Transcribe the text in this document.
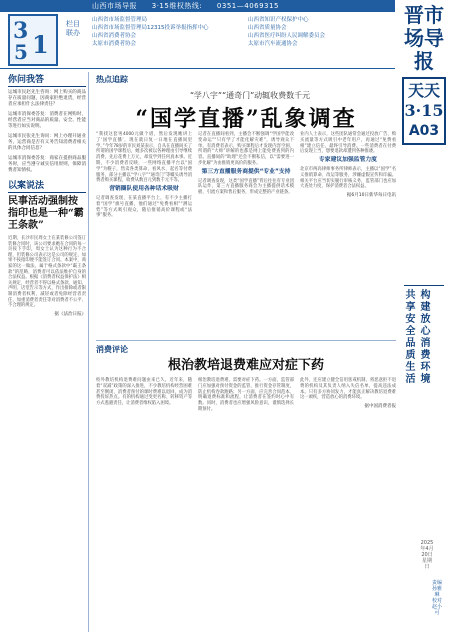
山西市场导报 3·15维权热线: 0351—4069315
3 1
5
栏目联办
山西省市场监督管理局
山西省市场监督管理局12315投诉举报指挥中心
山西省消费者协会
太原市消费者协会
山西省知识产权保护中心
山西省质量协会
山西省医疗纠纷人民调解委员会
太原市汽车流通协会
晋市场导报
天天3·15
A03
共享安全品质生活
构建放心消费环境
2025年4月20日
星期日
责编
孙雅琳
校对
赵小可
你问我答
运城市民赵先生咨询：网上购买的商品存在质量问题，因商家拒绝退货，经营者应承担什么法律责任？
运城市消保委答复：消费者在网购时，经营者应当对商品的质量、安全、性能等进行如实说明。
运城市民张先生询问：网上办理开通业务，运营商是否有义务告知消费者相关的具体合同信息？
运城市消保委答复：商家在提供商品服务时，应当遵守诚实信用原则，保障消费者知情权。
以案说法
民事活动强制按指印也是一种“霸王条款”
近期，长沙市民周女士在某装修公司签订装修合同时，该公司要求她在合同的每一页按下手印，周女士认为这种行为不合理，但装修公司表示这是公司的规定，如果不按指印便不能签订合同。本案中，商家的这一做法，属于格式条款中“霸王条款”的范畴，消费者可以依法维护自身的合法权益。根据《消费者权益保护法》相关规定，经营者不得以格式条款、通知、声明、店堂告示等方式，作出排除或者限制消费者权利、减轻或者免除经营者责任、加重消费者责任等对消费者不公平、不合理的规定。
据《法治日报》
热点追踪
“学八字”“通奇门”动辄收费数千元
“国学直播”乱象调查
“我找这套男4000元做个谱，然后发现她讲上了‘国学直播’，现在就日复一日地在直播间里学。”今年78岁的市民刘某表示，自从在直播间买了所谓的国学课程后，她多次被以各种理由引导继续消费，先后花费上万元，却没学到任何真本事。近期，不少消费者反映，一些网络直播平台以“国学”为幌子，售卖各类算命、看风水、起名等付费服务，部分主播以“学八字”“通奇门”等噱头诱导消费者购买课程，收费从数百元到数千元不等。
营销圈队使用各种话术吸财
记者调查发现，在某直播平台上，有不少主播打着“国学”旗号直播，他们通过“免费看相”“测运势”等方式吸引观众，随后推销高价课程或“法事”服务。
记者在直播间看到，主播会不断强调“学国学能改变命运”“只有学了才能化解灾难”，诱导观众下单。有消费者表示，购买课程后才发现内容空洞，所谓的“大师”讲解的也都是网上能免费查到的内容。直播间的“助理”还会不断私信，以“需要进一步化解”为由推销更高价的服务。
第三方直播服务商提供“专业”支持
记者调查发现，这类“国学直播”背后往往有专业团队运作，第三方直播服务商会为主播提供话术模板、引流方案和售后服务，形成完整的产业链条。
业内人士表示，这些团队通常会通过投放广告、购买流量等方式吸引中老年用户，再通过“免费看相”建立信任，最终引导消费。一些消费者在付费后发现上当，想要退款却遭到各种推诿。
专家建议加强监管力度
北京市两高律师事务所律师表示，主播以“国学”名义推销算命、改运等服务，涉嫌虚假宣传和诈骗。相关平台应当切实履行审核义务，监管部门也应加大查处力度，保护消费者合法权益。
据6月10日新华每日电讯
消费评论
根治教培退费难应对症下药
校外教培机构退费难问题由来已久。近年来，随着“双减”政策的深入推进，不少教培机构经营困难甚至倒闭，消费者预付的课时费难以退回，成为消费投诉热点。有的机构通过变更名称、转移资产等方式逃避责任，让消费者维权陷入困境。
根治教培退费难，需要对症下药。一方面，监管部门应加强对预付资金的监管，推行资金存管制度，防止机构卷款跑路；另一方面，应完善合同范本，明确退费标准和流程，让消费者在签约时心中有数。同时，消费者也应增强风险意识，谨慎选择长期预付。
此外，还应建立健全信用惩戒机制，将恶意拒不退费的机构及其负责人纳入失信名单，提高违法成本。只有多方协同发力，才能真正解决教培退费难这一顽疾，营造放心的消费环境。
据中国消费者报
